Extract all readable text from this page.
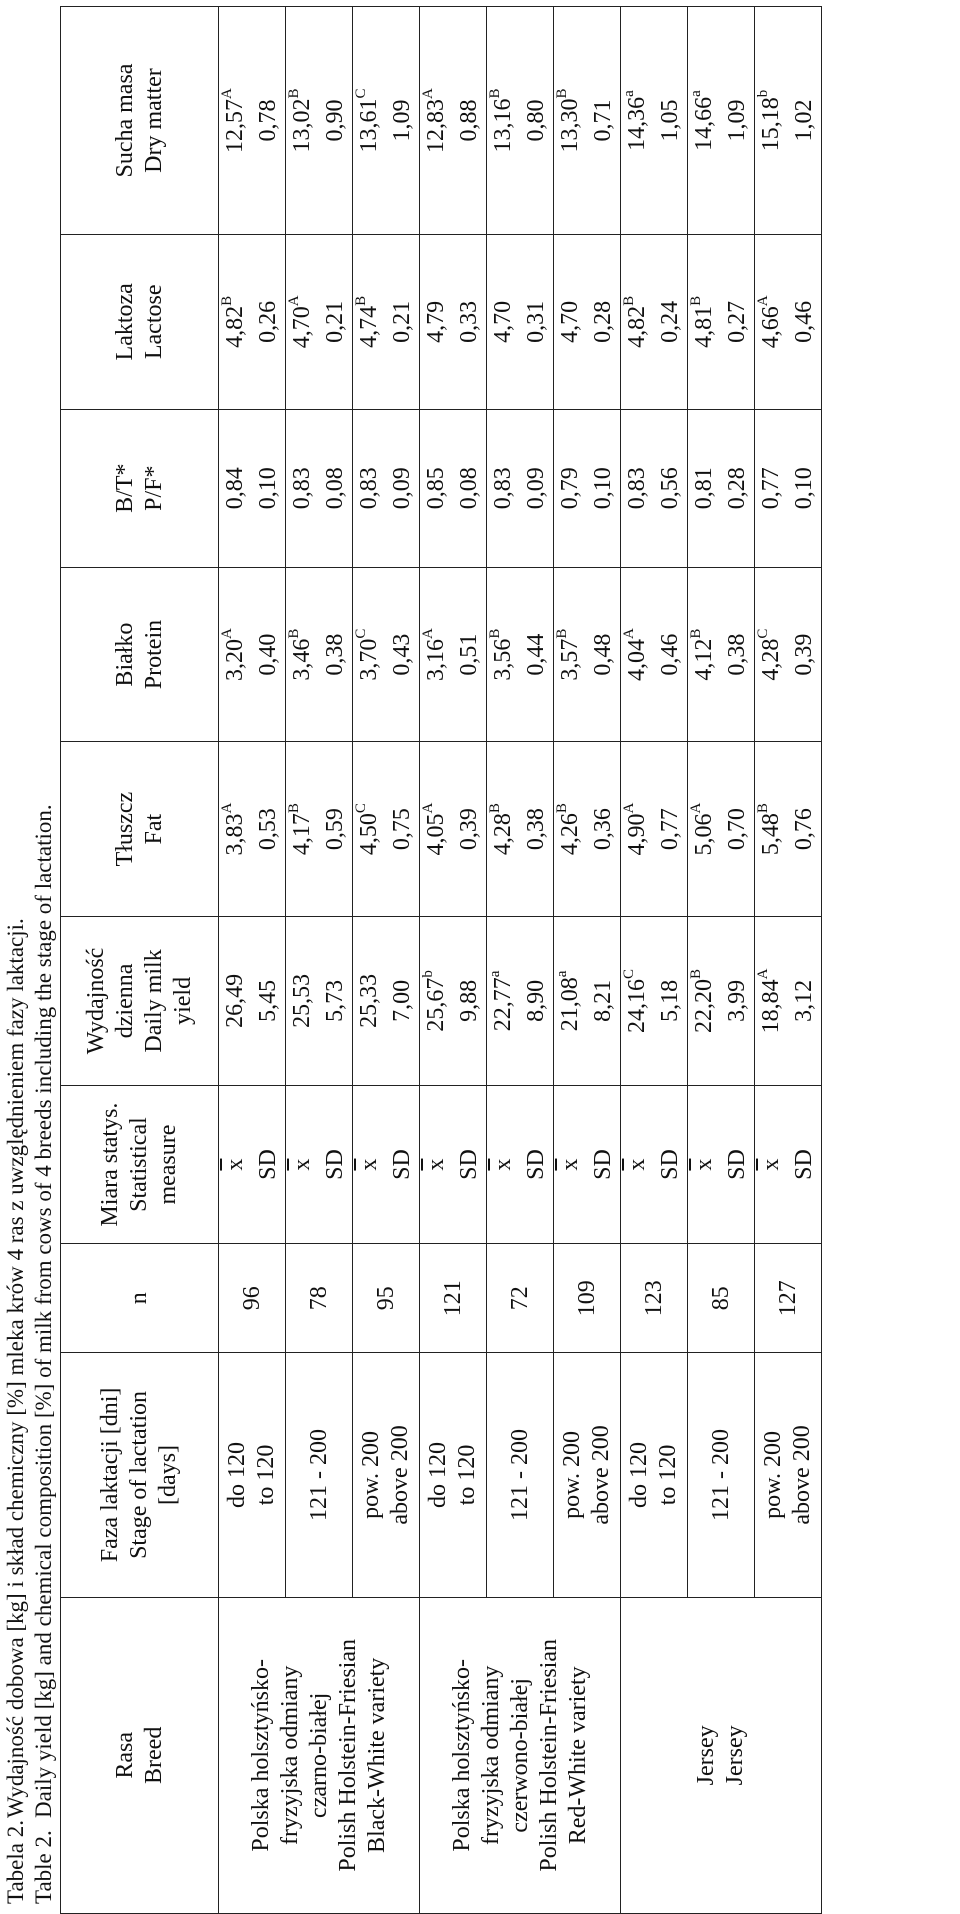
Tabela 2.Wydajność dobowa [kg] i skład chemiczny [%] mleka krów 4 ras z uwzględnieniem fazy laktacji.
Table 2.Daily yield [kg] and chemical composition [%] of milk from cows of 4 breeds including the stage of lactation. Rasa Breed	Faza laktacji [dni] Stage of lactation [days]	n	Miara statys. Statistical measure	Wydajność dzienna Daily milk yield	Tłuszcz Fat	Białko Protein	B/T* P/F*	Laktoza Lactose	Sucha masa Dry matter

Polska holsztyńsko- fryzyjska odmiany czarno-białej Polish Holstein-Friesian Black-White variety	do 120 to 120	96	$\overline{x}$	26,49	$3,83^A$	$3,20^A$	0,84	$4,82^B$	$12,57^A$
			SD	5,45	0,53	0,40	0,10	0,26	0,78

	121 - 200	78	$\overline{x}$	25,53	$4,17^B$	$3,46^B$	0,83	$4,70^A$	$13,02^B$
			SD	5,73	0,59	0,38	0,08	0,21	0,90

	pow. 200 above 200	95	$\overline{x}$	25,33	$4,50^C$	$3,70^C$	0,83	$4,74^B$	$13,61^C$
			SD	7,00	0,75	0,43	0,09	0,21	1,09

Polska holsztyńsko- fryzyjska odmiany czerwono-białej Polish Holstein-Friesian Red-White variety	do 120 to 120	121	$\overline{x}$	25,67$^b$	$4,05^A$	$3,16^A$	0,85	4,79	$12,83^A$
			SD	9,88	0,39	0,51	0,08	0,33	0,88

	121 - 200	72	$\overline{x}$	22,77$^a$	$4,28^B$	$3,56^B$	0,83	4,70	$13,16^B$
			SD	8,90	0,38	0,44	0,09	0,31	0,80

	pow. 200 above 200	109	$\overline{x}$	21,08$^a$	$4,26^B$	$3,57^B$	0,79	4,70	$13,30^B$
			SD	8,21	0,36	0,48	0,10	0,28	0,71

Jersey Jersey	do 120 to 120	123	$\overline{x}$	$24,16^C$	$4,90^A$	$4,04^A$	0,83	$4,82^B$	14,36$^a$
			SD	5,18	0,77	0,46	0,56	0,24	1,05

	121 - 200	85	$\overline{x}$	$22,20^B$	$5,06^A$	$4,12^B$	0,81	$4,81^B$	14,66$^a$
			SD	3,99	0,70	0,38	0,28	0,27	1,09

	pow. 200 above 200	127	$\overline{x}$	$18,84^A$	$5,48^B$	$4,28^C$	0,77	$4,66^A$	15,18$^b$
			SD	3,12	0,76	0,39	0,10	0,46	1,02
